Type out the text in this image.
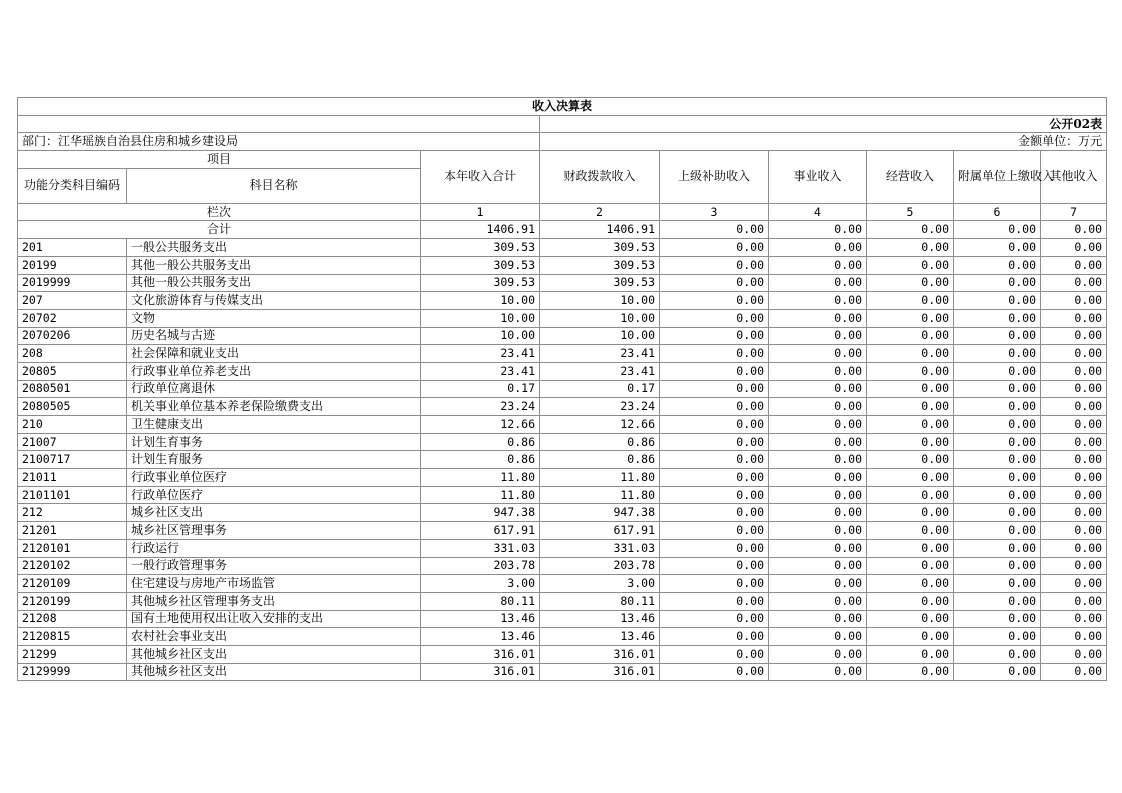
收入决算表								
			公开02表					
部门：江华瑶族自治县住房和城乡建设局			金额单位：万元					
项目		本年收入合计	财政拨款收入	上级补助收入	事业收入	经营收入	附属单位上缴收入	其他收入
功能分类科目编码	科目名称							
栏次		1	2	3	4	5	6	7
合计		1406.91	1406.91	0.00	0.00	0.00	0.00	0.00
201	一般公共服务支出	309.53	309.53	0.00	0.00	0.00	0.00	0.00
20199	其他一般公共服务支出	309.53	309.53	0.00	0.00	0.00	0.00	0.00
2019999	其他一般公共服务支出	309.53	309.53	0.00	0.00	0.00	0.00	0.00
207	文化旅游体育与传媒支出	10.00	10.00	0.00	0.00	0.00	0.00	0.00
20702	文物	10.00	10.00	0.00	0.00	0.00	0.00	0.00
2070206	历史名城与古迹	10.00	10.00	0.00	0.00	0.00	0.00	0.00
208	社会保障和就业支出	23.41	23.41	0.00	0.00	0.00	0.00	0.00
20805	行政事业单位养老支出	23.41	23.41	0.00	0.00	0.00	0.00	0.00
2080501	行政单位离退休	0.17	0.17	0.00	0.00	0.00	0.00	0.00
2080505	机关事业单位基本养老保险缴费支出	23.24	23.24	0.00	0.00	0.00	0.00	0.00
210	卫生健康支出	12.66	12.66	0.00	0.00	0.00	0.00	0.00
21007	计划生育事务	0.86	0.86	0.00	0.00	0.00	0.00	0.00
2100717	计划生育服务	0.86	0.86	0.00	0.00	0.00	0.00	0.00
21011	行政事业单位医疗	11.80	11.80	0.00	0.00	0.00	0.00	0.00
2101101	行政单位医疗	11.80	11.80	0.00	0.00	0.00	0.00	0.00
212	城乡社区支出	947.38	947.38	0.00	0.00	0.00	0.00	0.00
21201	城乡社区管理事务	617.91	617.91	0.00	0.00	0.00	0.00	0.00
2120101	行政运行	331.03	331.03	0.00	0.00	0.00	0.00	0.00
2120102	一般行政管理事务	203.78	203.78	0.00	0.00	0.00	0.00	0.00
2120109	住宅建设与房地产市场监管	3.00	3.00	0.00	0.00	0.00	0.00	0.00
2120199	其他城乡社区管理事务支出	80.11	80.11	0.00	0.00	0.00	0.00	0.00
21208	国有土地使用权出让收入安排的支出	13.46	13.46	0.00	0.00	0.00	0.00	0.00
2120815	农村社会事业支出	13.46	13.46	0.00	0.00	0.00	0.00	0.00
21299	其他城乡社区支出	316.01	316.01	0.00	0.00	0.00	0.00	0.00
2129999	其他城乡社区支出	316.01	316.01	0.00	0.00	0.00	0.00	0.00
